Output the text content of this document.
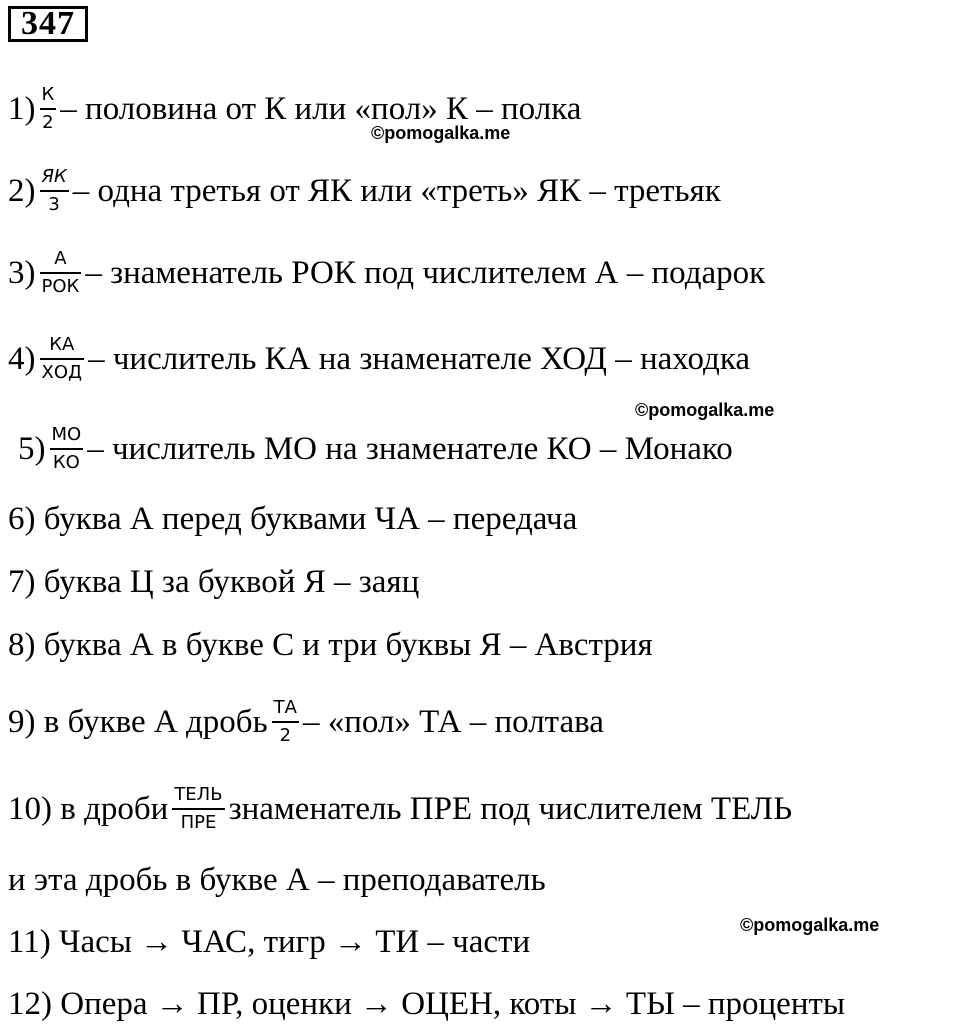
347
$1) \frac{К}{2}$ – половина от К или «пол» К – полка
©pomogalka.me
$2) \frac{ЯК}{3}$ – одна третья от ЯК или «треть» ЯК – третьяк
$3) \frac{А}{\text{РОК}}$ – знаменатель РОК под числителем А – подарок
$4) \frac{КА}{\text{ХОД}}$ – числитель КА на знаменателе ХОД – находка
©pomogalka.me
$5) \frac{МО}{КО}$ – числитель МО на знаменателе КО – Монако
6) буква А перед буквами ЧА – передача
7) буква Ц за буквой Я – заяц
8) буква А в букве С и три буквы Я – Австрия
9) в букве А дробь $\frac{ТА}{2}$ – «пол» ТА – полтава
10) в дроби $\frac{\text{ТЕЛЬ}}{\text{ПРЕ}}$ знаменатель ПРЕ под числителем ТЕЛЬ
и эта дробь в букве А – преподаватель
©pomogalka.me
11) Часы → ЧАС, тигр → ТИ – части
12) Опера → ПР, оценки → ОЦЕН, коты → ТЫ – проценты
